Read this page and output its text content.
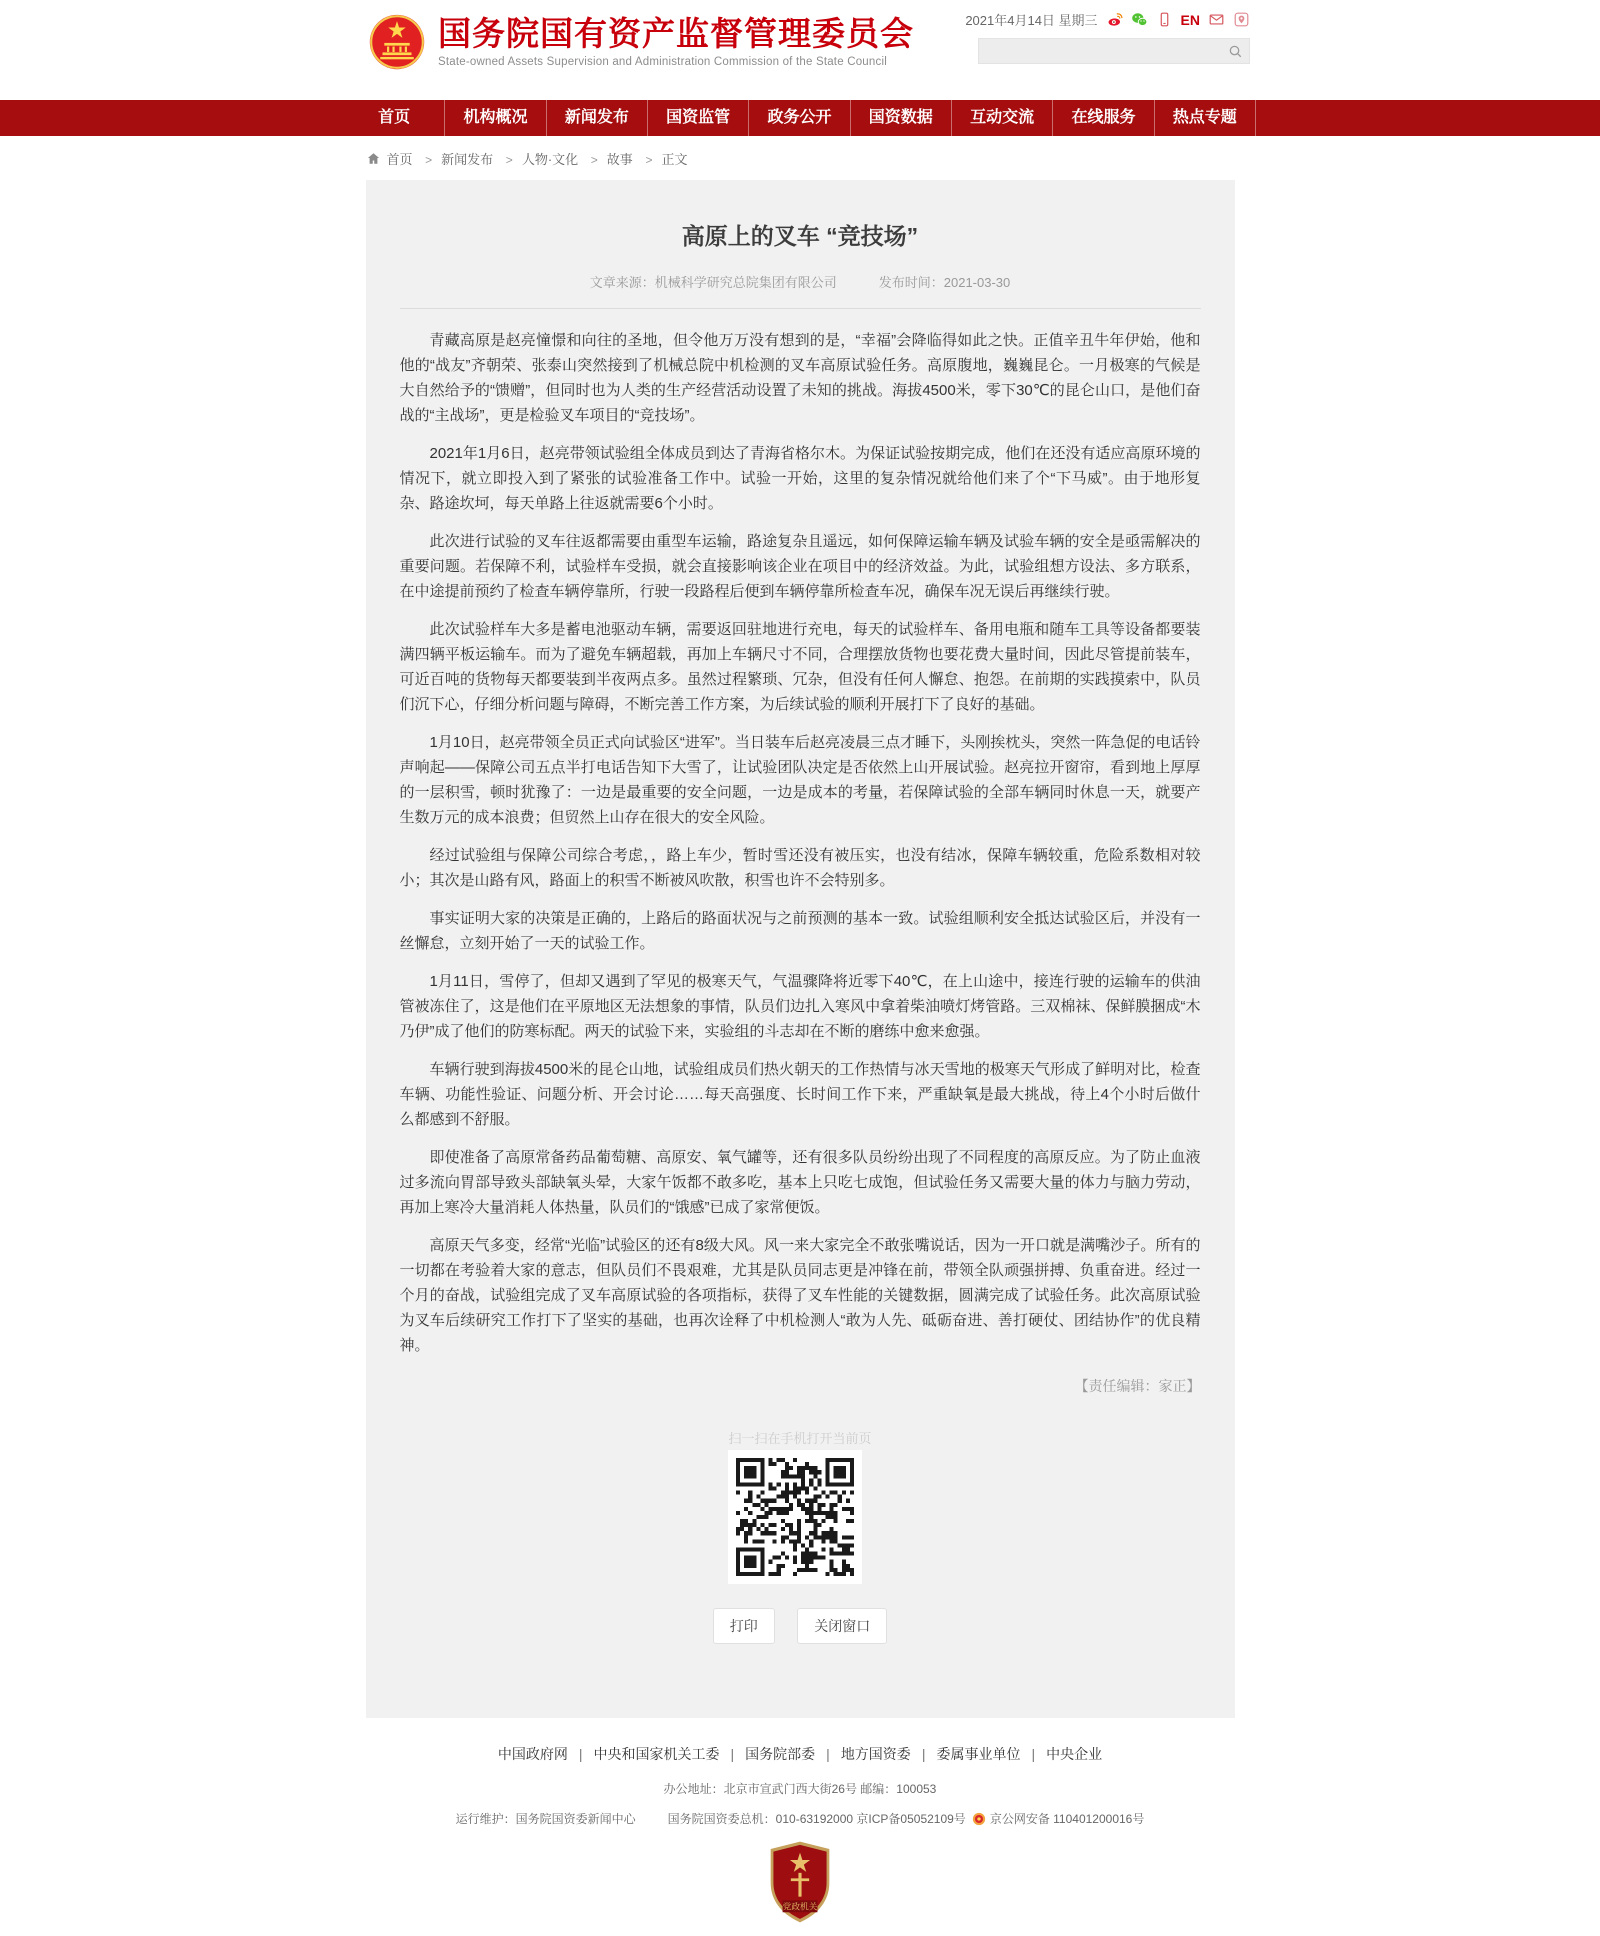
国务院国有资产监督管理委员会
State-owned Assets Supervision and Administration Commission of the State Council
2021年4月14日 星期三	EN
首页	机构概况	新闻发布	国资监管	政务公开	国资数据	互动交流	在线服务	热点专题
首页 > 新闻发布 > 人物·文化 > 故事 > 正文
高原上的叉车 “竞技场”
文章来源：机械科学研究总院集团有限公司	发布时间：2021-03-30

青藏高原是赵亮憧憬和向往的圣地，但令他万万没有想到的是，“幸福”会降临得如此之快。正值辛丑牛年伊始，他和他的“战友”齐朝荣、张泰山突然接到了机械总院中机检测的叉车高原试验任务。高原腹地，巍巍昆仑。一月极寒的气候是大自然给予的“馈赠”，但同时也为人类的生产经营活动设置了未知的挑战。海拔4500米，零下30℃的昆仑山口，是他们奋战的“主战场”，更是检验叉车项目的“竞技场”。

2021年1月6日，赵亮带领试验组全体成员到达了青海省格尔木。为保证试验按期完成，他们在还没有适应高原环境的情况下，就立即投入到了紧张的试验准备工作中。试验一开始，这里的复杂情况就给他们来了个“下马威”。由于地形复杂、路途坎坷，每天单路上往返就需要6个小时。

此次进行试验的叉车往返都需要由重型车运输，路途复杂且遥远，如何保障运输车辆及试验车辆的安全是亟需解决的重要问题。若保障不利，试验样车受损，就会直接影响该企业在项目中的经济效益。为此，试验组想方设法、多方联系，在中途提前预约了检查车辆停靠所，行驶一段路程后便到车辆停靠所检查车况，确保车况无误后再继续行驶。

此次试验样车大多是蓄电池驱动车辆，需要返回驻地进行充电，每天的试验样车、备用电瓶和随车工具等设备都要装满四辆平板运输车。而为了避免车辆超载，再加上车辆尺寸不同，合理摆放货物也要花费大量时间，因此尽管提前装车，可近百吨的货物每天都要装到半夜两点多。虽然过程繁琐、冗杂，但没有任何人懈怠、抱怨。在前期的实践摸索中，队员们沉下心，仔细分析问题与障碍，不断完善工作方案，为后续试验的顺利开展打下了良好的基础。

1月10日，赵亮带领全员正式向试验区“进军”。当日装车后赵亮凌晨三点才睡下，头刚挨枕头，突然一阵急促的电话铃声响起——保障公司五点半打电话告知下大雪了，让试验团队决定是否依然上山开展试验。赵亮拉开窗帘，看到地上厚厚的一层积雪，顿时犹豫了：一边是最重要的安全问题，一边是成本的考量，若保障试验的全部车辆同时休息一天，就要产生数万元的成本浪费；但贸然上山存在很大的安全风险。

经过试验组与保障公司综合考虑，，路上车少，暂时雪还没有被压实，也没有结冰，保障车辆较重，危险系数相对较小；其次是山路有风，路面上的积雪不断被风吹散，积雪也许不会特别多。

事实证明大家的决策是正确的，上路后的路面状况与之前预测的基本一致。试验组顺利安全抵达试验区后，并没有一丝懈怠，立刻开始了一天的试验工作。

1月11日，雪停了，但却又遇到了罕见的极寒天气，气温骤降将近零下40℃，在上山途中，接连行驶的运输车的供油管被冻住了，这是他们在平原地区无法想象的事情，队员们边扎入寒风中拿着柴油喷灯烤管路。三双棉袜、保鲜膜捆成“木乃伊”成了他们的防寒标配。两天的试验下来，实验组的斗志却在不断的磨练中愈来愈强。

车辆行驶到海拔4500米的昆仑山地，试验组成员们热火朝天的工作热情与冰天雪地的极寒天气形成了鲜明对比，检查车辆、功能性验证、问题分析、开会讨论……每天高强度、长时间工作下来，严重缺氧是最大挑战，待上4个小时后做什么都感到不舒服。

即使准备了高原常备药品葡萄糖、高原安、氧气罐等，还有很多队员纷纷出现了不同程度的高原反应。为了防止血液过多流向胃部导致头部缺氧头晕，大家午饭都不敢多吃，基本上只吃七成饱，但试验任务又需要大量的体力与脑力劳动，再加上寒冷大量消耗人体热量，队员们的“饿感”已成了家常便饭。

高原天气多变，经常“光临”试验区的还有8级大风。风一来大家完全不敢张嘴说话，因为一开口就是满嘴沙子。所有的一切都在考验着大家的意志，但队员们不畏艰难，尤其是队员同志更是冲锋在前，带领全队顽强拼搏、负重奋进。经过一个月的奋战，试验组完成了叉车高原试验的各项指标，获得了叉车性能的关键数据，圆满完成了试验任务。此次高原试验为叉车后续研究工作打下了坚实的基础，也再次诠释了中机检测人“敢为人先、砥砺奋进、善打硬仗、团结协作”的优良精神。

【责任编辑：家正】
扫一扫在手机打开当前页
打印	关闭窗口
中国政府网	| 中央和国家机关工委	| 国务院部委	| 地方国资委	| 委属事业单位	| 中央企业
办公地址：北京市宣武门西大街26号 邮编：100053
运行维护：国务院国资委新闻中心	国务院国资委总机：010-63192000 京ICP备05052109号 京公网安备 110401200016号
党政机关
